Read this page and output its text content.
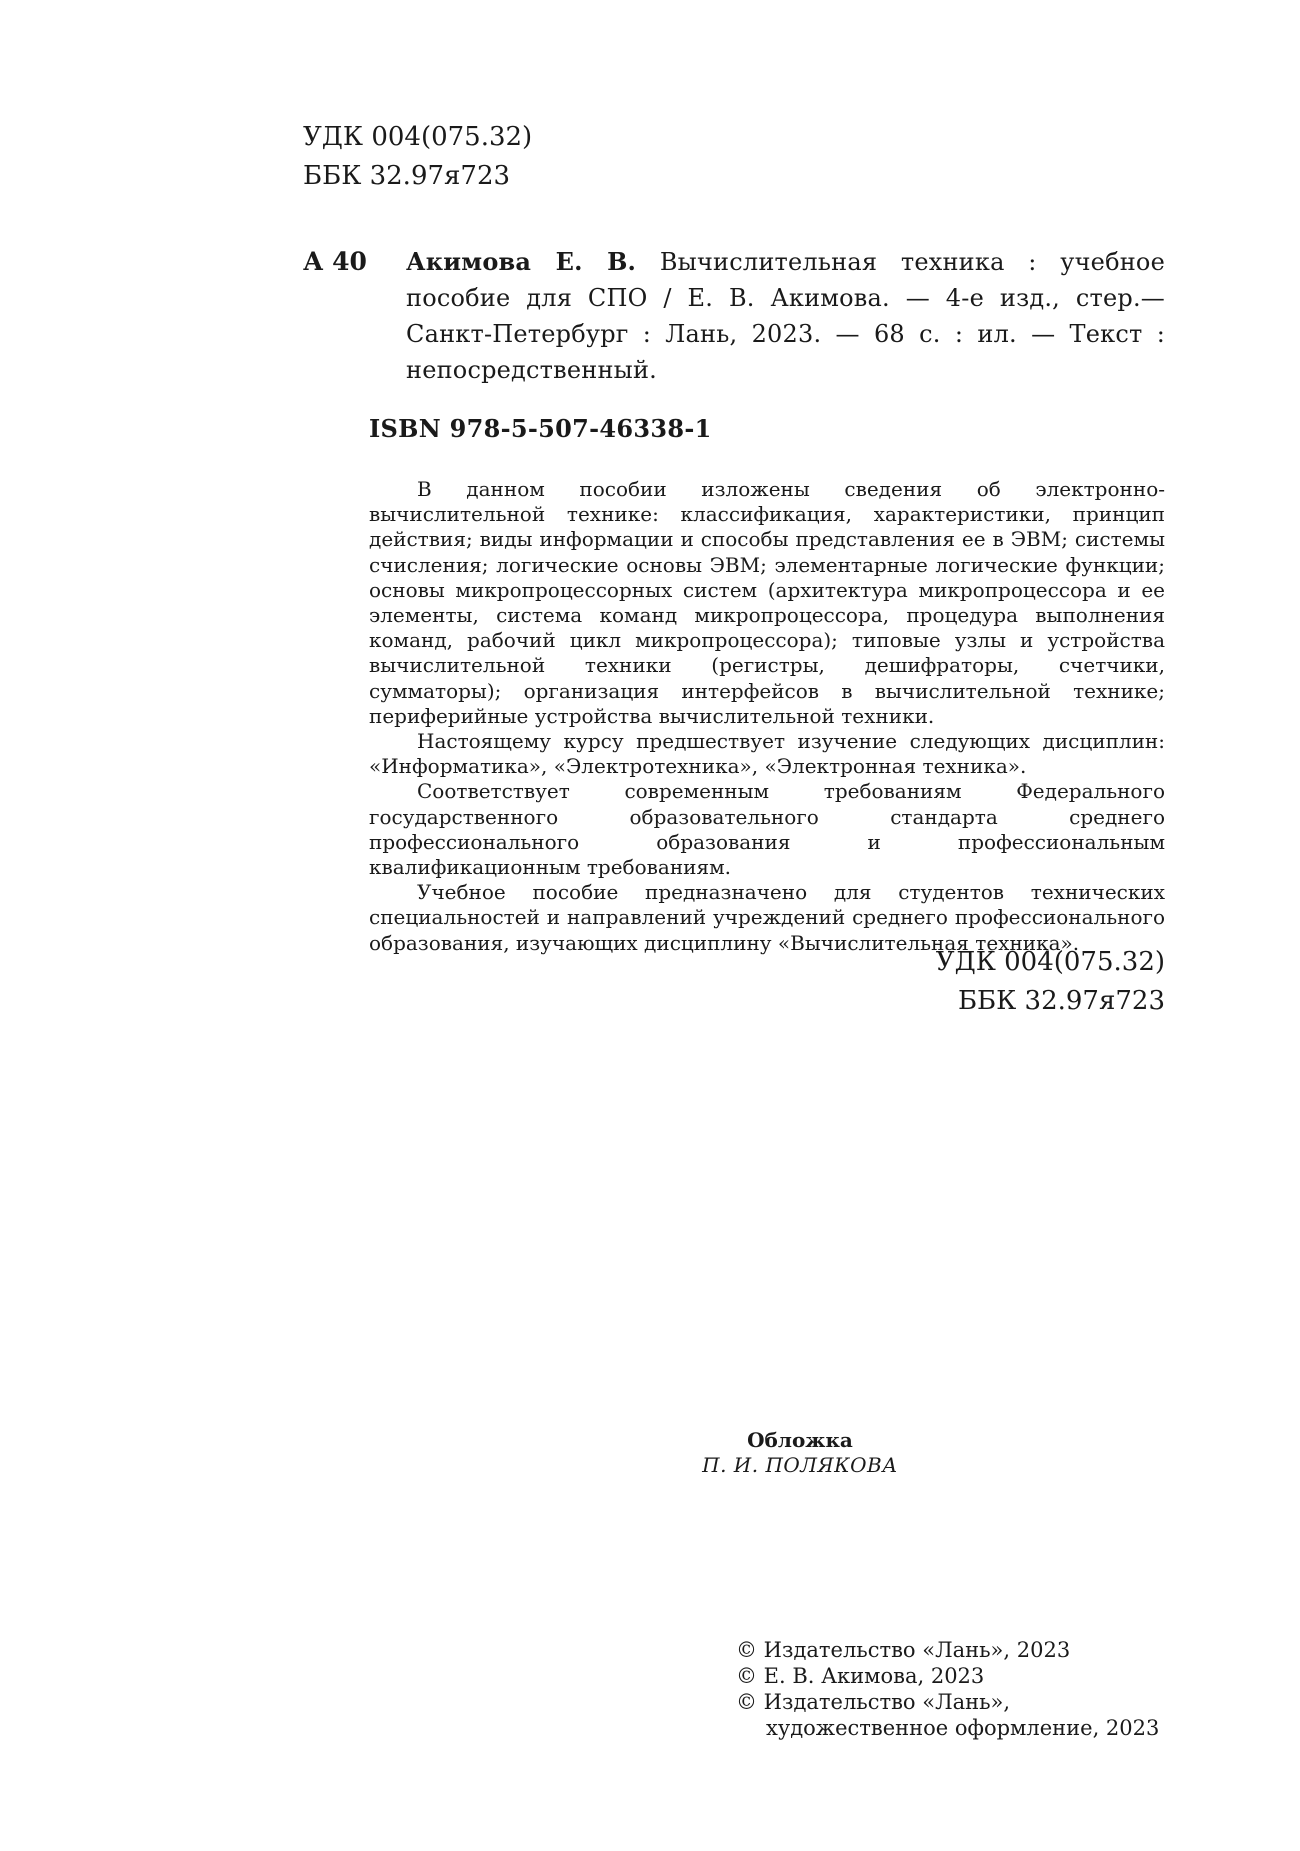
УДК 004(075.32)
ББК 32.97я723
А 40 Акимова Е. В. Вычислительная техника : учебное пособие для СПО / Е. В. Акимова. — 4-е изд., стер.— Санкт-Петербург : Лань, 2023. — 68 с. : ил. — Текст : непосредственный.
ISBN 978-5-507-46338-1

В данном пособии изложены сведения об электронно-вычислительной технике: классификация, характеристики, принцип действия; виды информации и способы представления ее в ЭВМ; системы счисления; логические основы ЭВМ; элементарные логические функции; основы микропроцессорных систем (архитектура микропроцессора и ее элементы, система команд микропроцессора, процедура выполнения команд, рабочий цикл микропроцессора); типовые узлы и устройства вычислительной техники (регистры, дешифраторы, счетчики, сумматоры); организация интерфейсов в вычислительной технике; периферийные устройства вычислительной техники.

Настоящему курсу предшествует изучение следующих дисциплин: «Информатика», «Электротехника», «Электронная техника».

Соответствует современным требованиям Федерального государственного образовательного стандарта среднего профессионального образования и профессиональным квалификационным требованиям.

Учебное пособие предназначено для студентов технических специальностей и направлений учреждений среднего профессионального образования, изучающих дисциплину «Вычислительная техника».

УДК 004(075.32)
ББК 32.97я723
Обложка
П. И. ПОЛЯКОВА
© Издательство «Лань», 2023
© Е. В. Акимова, 2023
© Издательство «Лань»,
художественное оформление, 2023
